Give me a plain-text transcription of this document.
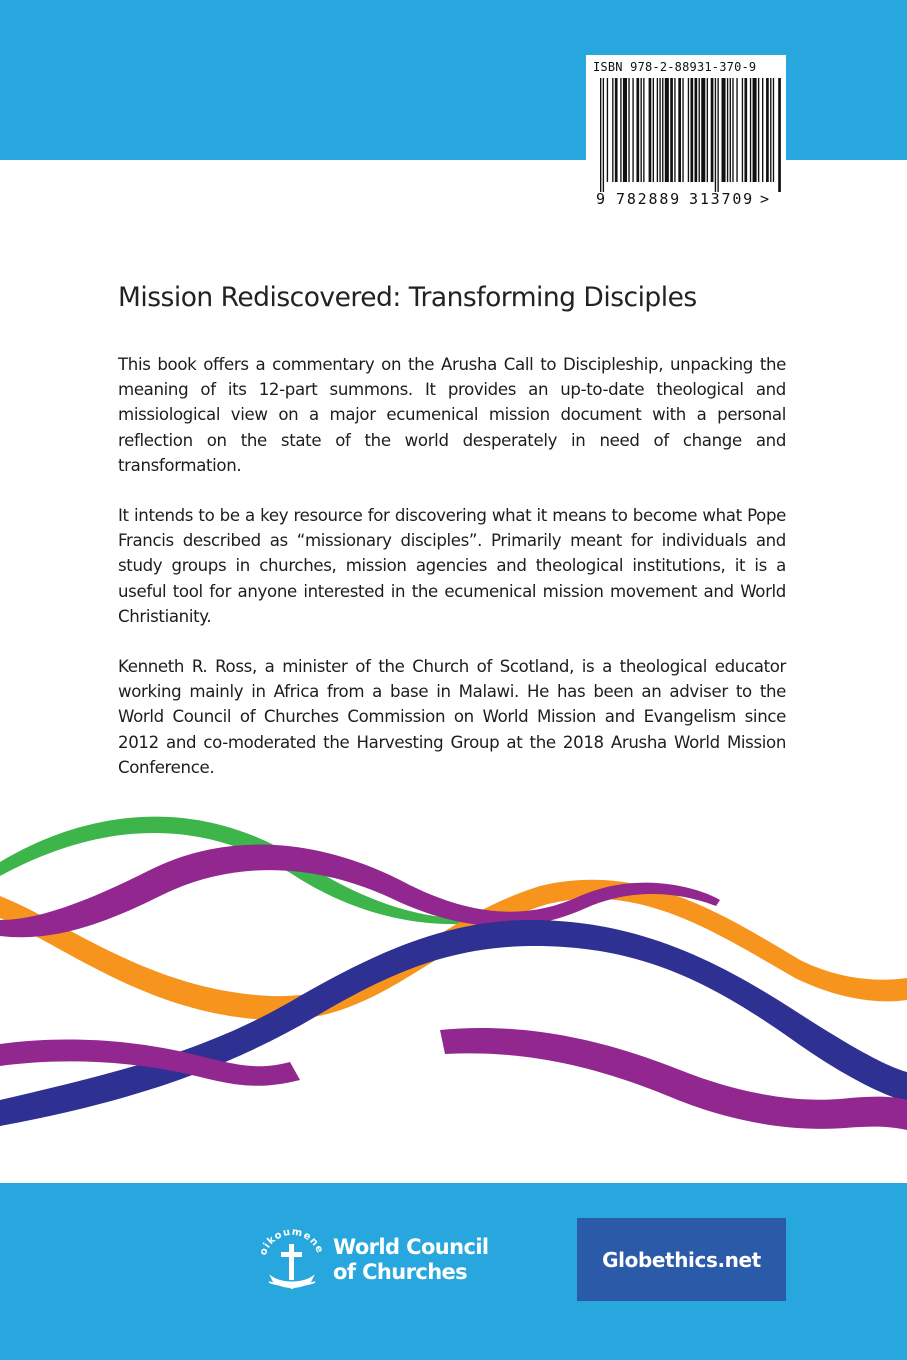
ISBN 978-2-88931-370-9
9 782889 313709 >
Mission Rediscovered: Transforming Disciples

This book offers a commentary on the Arusha Call to Discipleship, unpacking the meaning of its 12-part summons. It provides an up-to-date theological and missiological view on a major ecumenical mission document with a personal reflection on the state of the world desperately in need of change and transformation.

It intends to be a key resource for discovering what it means to become what Pope Francis described as “missionary disciples”. Primarily meant for individuals and study groups in churches, mission agencies and theological institutions, it is a useful tool for anyone interested in the ecumenical mission movement and World Christianity.

Kenneth R. Ross, a minister of the Church of Scotland, is a theological educator working mainly in Africa from a base in Malawi. He has been an adviser to the World Council of Churches Commission on World Mission and Evangelism since 2012 and co-moderated the Harvesting Group at the 2018 Arusha World Mission Conference.

oikoumene World Council
of Churches
Globethics.net
